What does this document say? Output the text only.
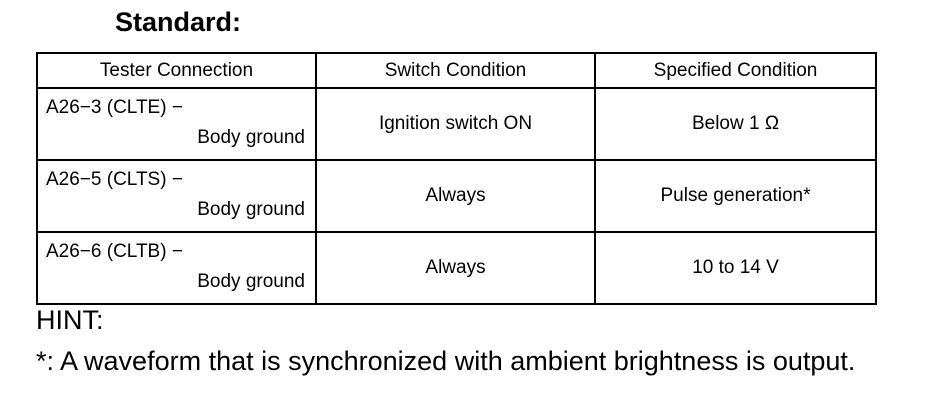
Standard:
Tester Connection	Switch Condition	Specified Condition

A26−3 (CLTE) −
Body ground	Ignition switch ON	Below 1 Ω

A26−5 (CLTS) −
Body ground	Always	Pulse generation*

A26−6 (CLTB) −
Body ground	Always	10 to 14 V

HINT:

*: A waveform that is synchronized with ambient brightness is output.
